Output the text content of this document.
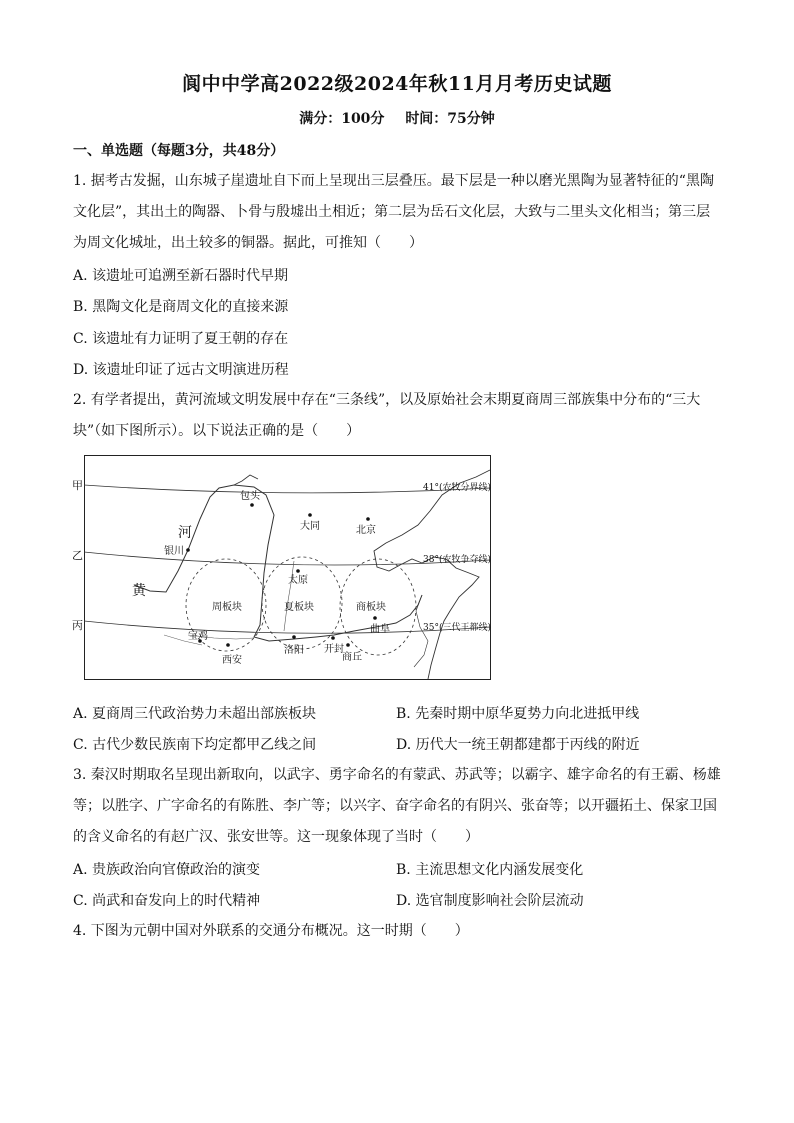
阆中中学高2022级2024年秋11月月考历史试题
满分：100分 时间：75分钟
一、单选题（每题3分，共48分）
1. 据考古发掘，山东城子崖遗址自下而上呈现出三层叠压。最下层是一种以磨光黑陶为显著特征的“黑陶
文化层”，其出土的陶器、卜骨与殷墟出土相近；第二层为岳石文化层，大致与二里头文化相当；第三层
为周文化城址，出土较多的铜器。据此，可推知（　　）
A. 该遗址可追溯至新石器时代早期
B. 黑陶文化是商周文化的直接来源
C. 该遗址有力证明了夏王朝的存在
D. 该遗址印证了远古文明演进历程
2. 有学者提出，黄河流域文明发展中存在“三条线”，以及原始社会末期夏商周三部族集中分布的“三大
块”（如下图所示）。以下说法正确的是（　　）
41°(农牧分界线)
38°(农牧争夺线)
35°(三代王都线)
河
黄
包头
大同	北京
银川
太原
曲阜
宝鸡
西安
洛阳 开封
商丘
周板块	夏板块	商板块
甲
乙
丙
A. 夏商周三代政治势力未超出部族板块	B. 先秦时期中原华夏势力向北进抵甲线
C. 古代少数民族南下均定都甲乙线之间	D. 历代大一统王朝都建都于丙线的附近
3. 秦汉时期取名呈现出新取向，以武字、勇字命名的有蒙武、苏武等；以霸字、雄字命名的有王霸、杨雄
等；以胜字、广字命名的有陈胜、李广等；以兴字、奋字命名的有阴兴、张奋等；以开疆拓土、保家卫国
的含义命名的有赵广汉、张安世等。这一现象体现了当时（　　）
A. 贵族政治向官僚政治的演变	B. 主流思想文化内涵发展变化
C. 尚武和奋发向上的时代精神	D. 选官制度影响社会阶层流动
4. 下图为元朝中国对外联系的交通分布概况。这一时期（　　）
